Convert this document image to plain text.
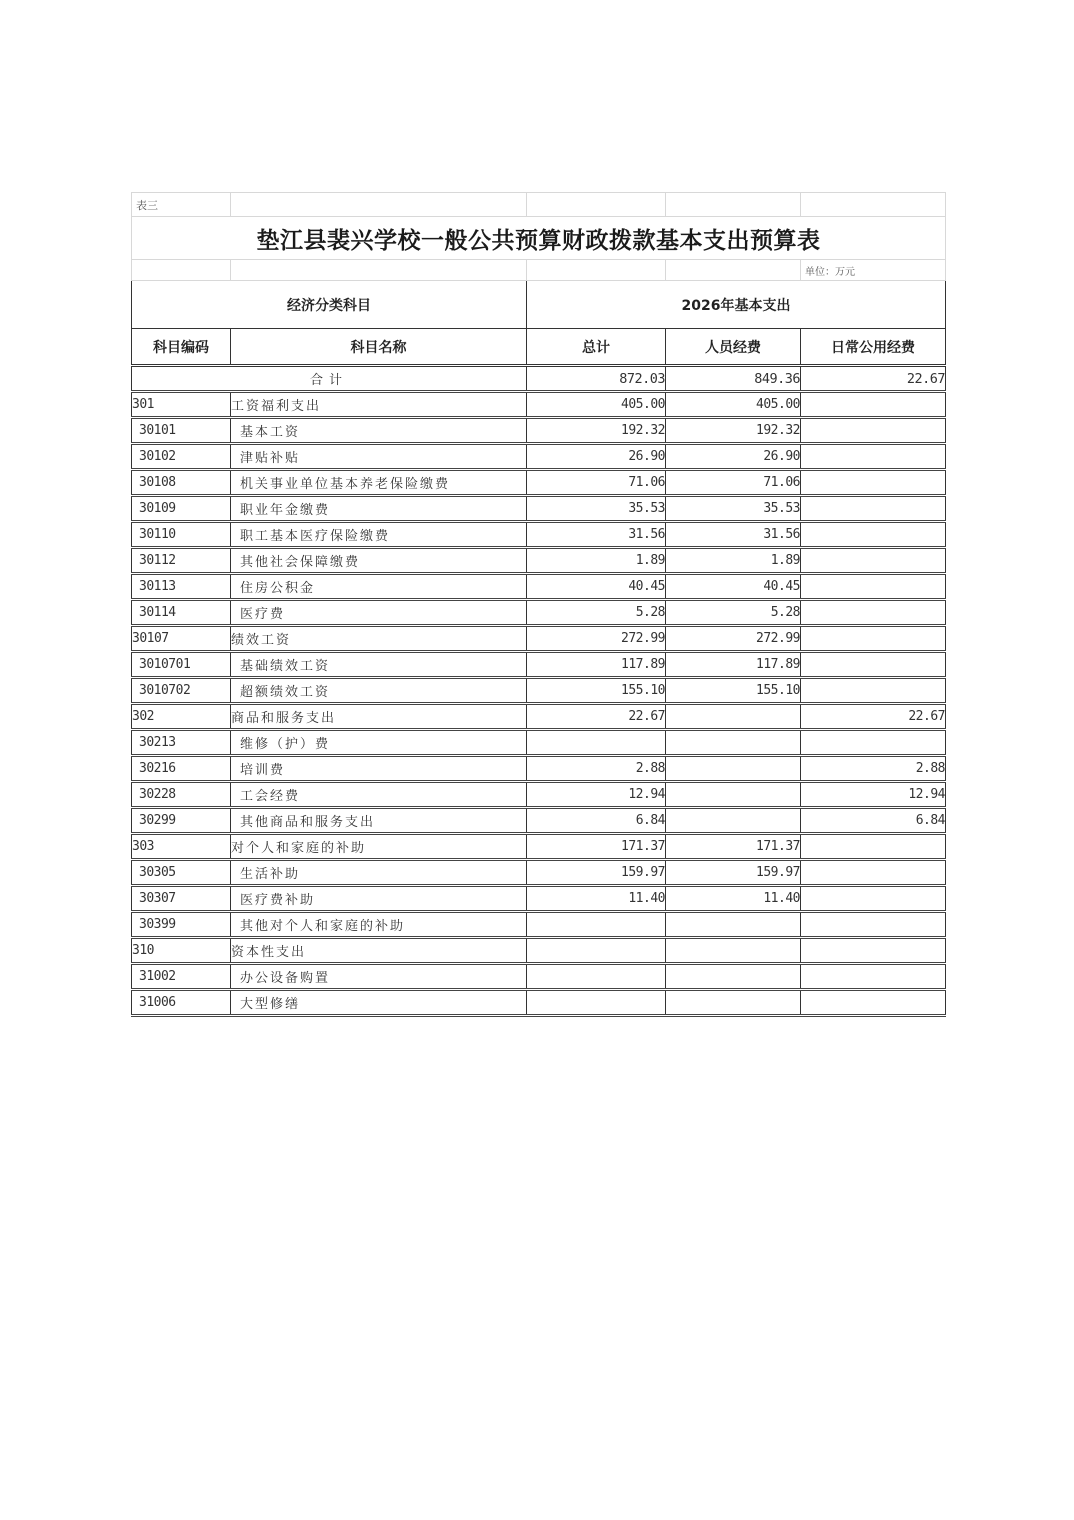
表三				
垫江县裴兴学校一般公共预算财政拨款基本支出预算表				
				单位：万元
经济分类科目		2026年基本支出		
科目编码	科目名称	总计	人员经费	日常公用经费
合计		872.03	849.36	22.67
301	工资福利支出	405.00	405.00	
30101	基本工资	192.32	192.32	
30102	津贴补贴	26.90	26.90	
30108	机关事业单位基本养老保险缴费	71.06	71.06	
30109	职业年金缴费	35.53	35.53	
30110	职工基本医疗保险缴费	31.56	31.56	
30112	其他社会保障缴费	1.89	1.89	
30113	住房公积金	40.45	40.45	
30114	医疗费	5.28	5.28	
30107	绩效工资	272.99	272.99	
3010701	基础绩效工资	117.89	117.89	
3010702	超额绩效工资	155.10	155.10	
302	商品和服务支出	22.67		22.67
30213	维修（护）费			
30216	培训费	2.88		2.88
30228	工会经费	12.94		12.94
30299	其他商品和服务支出	6.84		6.84
303	对个人和家庭的补助	171.37	171.37	
30305	生活补助	159.97	159.97	
30307	医疗费补助	11.40	11.40	
30399	其他对个人和家庭的补助			
310	资本性支出			
31002	办公设备购置			
31006	大型修缮			
